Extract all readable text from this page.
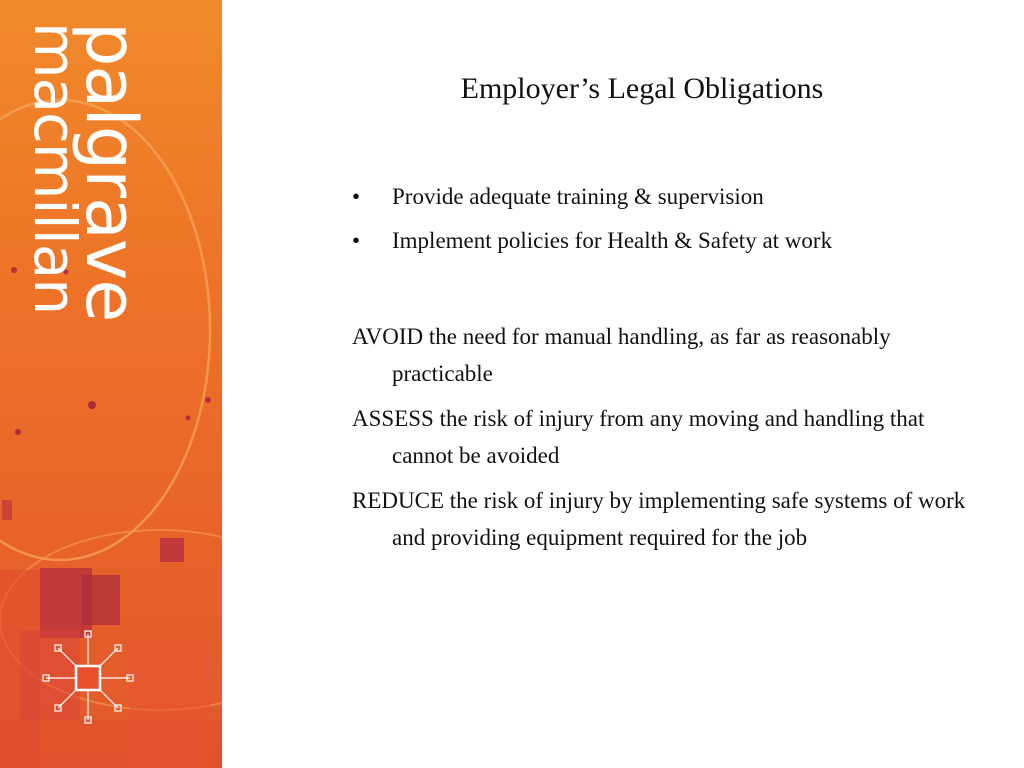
palgrave
macmillan	Employer’s Legal Obligations
• Provide adequate training & supervision
• Implement policies for Health & Safety at work
AVOID the need for manual handling, as far as reasonably practicable
ASSESS the risk of injury from any moving and handling that cannot be avoided
REDUCE the risk of injury by implementing safe systems of work and providing equipment required for the job
